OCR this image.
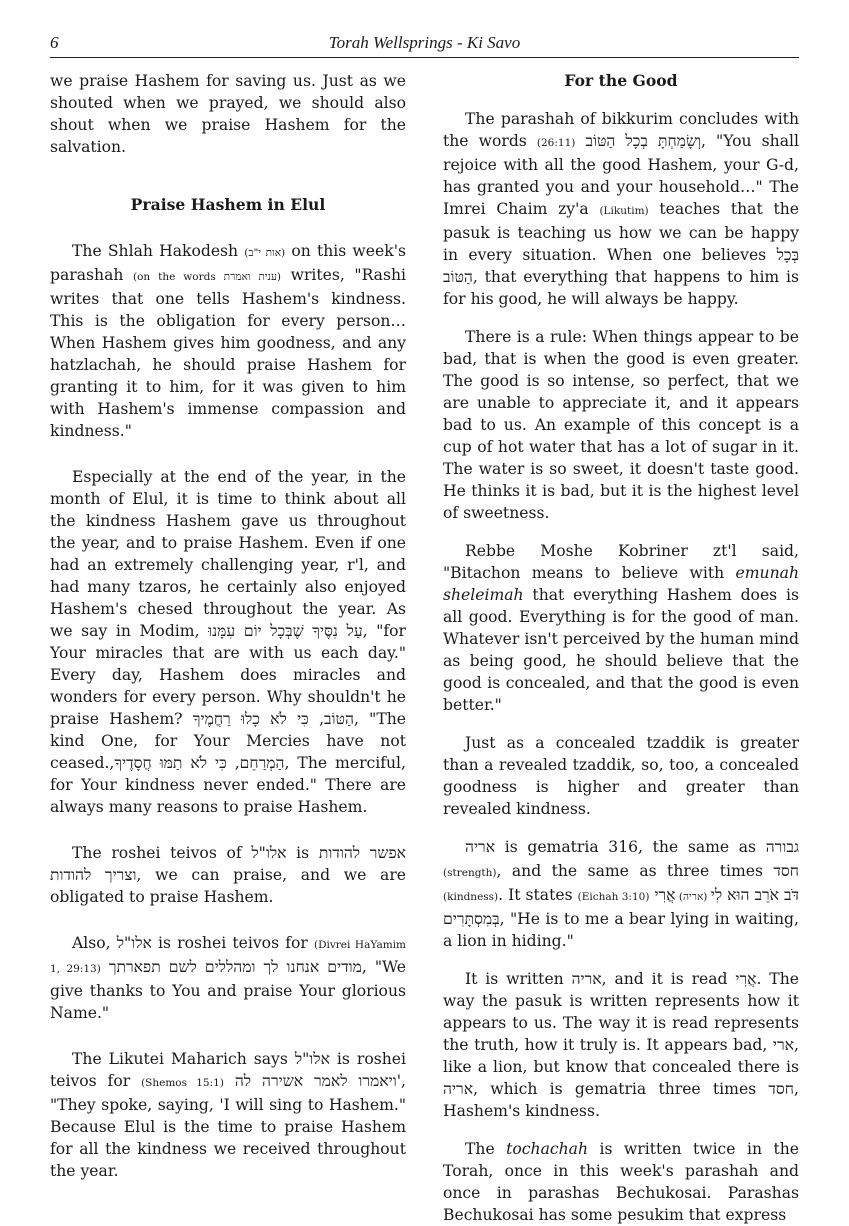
6	Torah Wellsprings - Ki Savo

we praise Hashem for saving us. Just as we shouted when we prayed, we should also shout when we praise Hashem for the salvation.

Praise Hashem in Elul

The Shlah Hakodesh (אות י"ב) on this week's parashah (on the words ענית ואמרת) writes, "Rashi writes that one tells Hashem's kindness. This is the obligation for every person… When Hashem gives him goodness, and any hatzlachah, he should praise Hashem for granting it to him, for it was given to him with Hashem's immense compassion and kindness."

Especially at the end of the year, in the month of Elul, it is time to think about all the kindness Hashem gave us throughout the year, and to praise Hashem. Even if one had an extremely challenging year, r'l, and had many tzaros, he certainly also enjoyed Hashem's chesed throughout the year. As we say in Modim, עַל נִסֶּיךָ שֶׁבְּכָל יוֹם עִמָּנוּ, "for Your miracles that are with us each day." Every day, Hashem does miracles and wonders for every person. Why shouldn't he praise Hashem? הַטּוֹב, כִּי לֹא כָלוּ רַחֲמֶיךָ, "The kind One, for Your Mercies have not ceased.,	הַמְרַחֵם, כִּי לֹא תַמּוּ חֲסָדֶיךָ	, The merciful, for Your kindness never ended." There are always many reasons to praise Hashem.

The roshei teivos of אלו"ל is אפשר להודות וצריך להודות, we can praise, and we are obligated to praise Hashem.

Also, אלו"ל is roshei teivos for (Divrei HaYamim 1, 29:13) מודים אנחנו לך ומהללים לשם תפארתך, "We give thanks to You and praise Your glorious Name."

The Likutei Maharich says אלו"ל is roshei teivos for (Shemos 15:1) ויאמרו לאמר אשירה לה', "They spoke, saying, 'I will sing to Hashem." Because Elul is the time to praise Hashem for all the kindness we received throughout the year.

For the Good

The parashah of bikkurim concludes with the words (26:11) וְשָׂמַחְתָּ בְכָל הַטּוֹב, "You shall rejoice with all the good Hashem, your G-d, has granted you and your household…" The Imrei Chaim zy'a (Likutim) teaches that the pasuk is teaching us how we can be happy in every situation. When one believes בְּכָל הַטּוֹב, that everything that happens to him is for his good, he will always be happy.

There is a rule: When things appear to be bad, that is when the good is even greater. The good is so intense, so perfect, that we are unable to appreciate it, and it appears bad to us. An example of this concept is a cup of hot water that has a lot of sugar in it. The water is so sweet, it doesn't taste good. He thinks it is bad, but it is the highest level of sweetness.

Rebbe Moshe Kobriner zt'l said, "Bitachon means to believe with emunah sheleimah that everything Hashem does is all good. Everything is for the good of man. Whatever isn't perceived by the human mind as being good, he should believe that the good is concealed, and that the good is even better."

Just as a concealed tzaddik is greater than a revealed tzaddik, so, too, a concealed goodness is higher and greater than revealed kindness.

אריה is gematria 316, the same as גבורה (strength), and the same as three times חסד (kindness). It states (Eichah 3:10)	דֹּב אֹרֵב הוּא לִי (אריה) אֲרִי בְּמִסְתָּרִים, "He is to me a bear lying in waiting, a lion in hiding."

It is written אריה, and it is read אֲרִי. The way the pasuk is written represents how it appears to us. The way it is read represents the truth, how it truly is. It appears bad, ארי, like a lion, but know that concealed there is אריה, which is gematria three times חסד, Hashem's kindness.

The tochachah is written twice in the Torah, once in this week's parashah and once in parashas Bechukosai. Parashas Bechukosai has some pesukim that express
